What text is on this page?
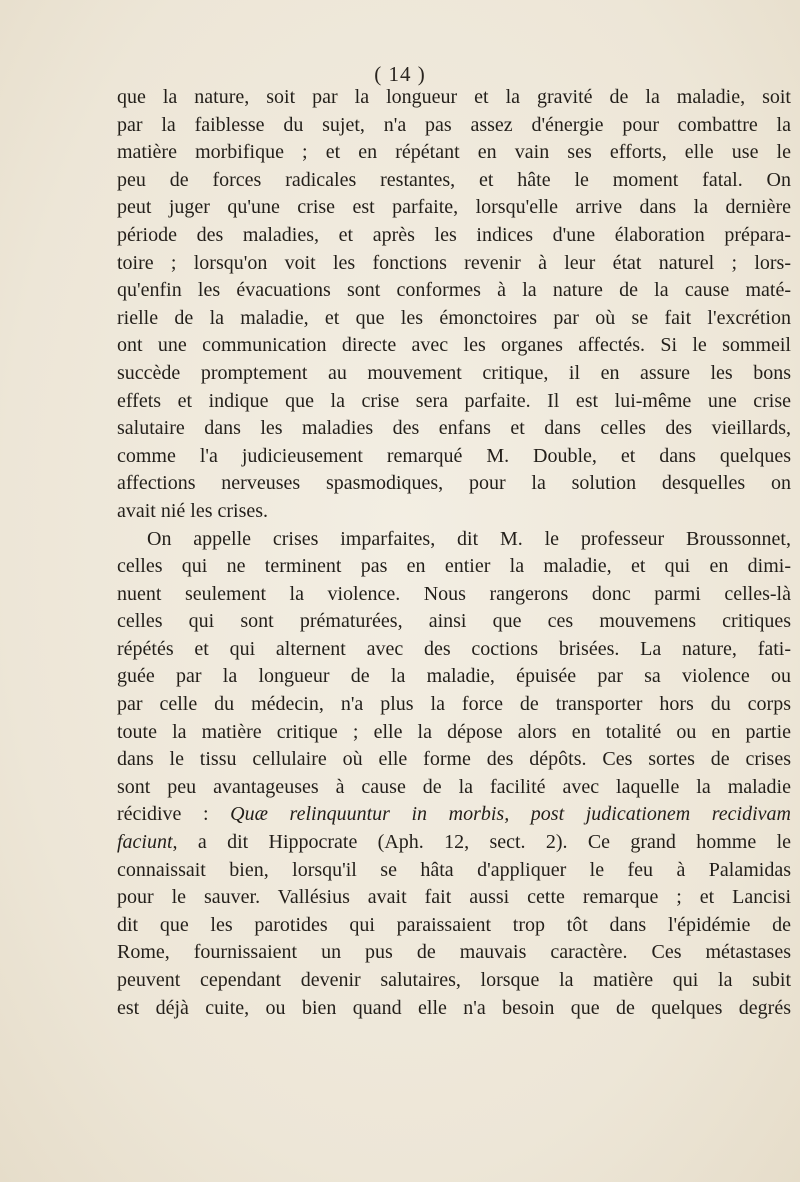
( 14 )
que la nature, soit par la longueur et la gravité de la maladie, soit
par la faiblesse du sujet, n'a pas assez d'énergie pour combattre la
matière morbifique ; et en répétant en vain ses efforts, elle use le
peu de forces radicales restantes, et hâte le moment fatal. On
peut juger qu'une crise est parfaite, lorsqu'elle arrive dans la dernière
période des maladies, et après les indices d'une élaboration prépara-
toire ; lorsqu'on voit les fonctions revenir à leur état naturel ; lors-
qu'enfin les évacuations sont conformes à la nature de la cause maté-
rielle de la maladie, et que les émonctoires par où se fait l'excrétion
ont une communication directe avec les organes affectés. Si le sommeil
succède promptement au mouvement critique, il en assure les bons
effets et indique que la crise sera parfaite. Il est lui-même une crise
salutaire dans les maladies des enfans et dans celles des vieillards,
comme l'a judicieusement remarqué M. Double, et dans quelques
affections nerveuses spasmodiques, pour la solution desquelles on
avait nié les crises.
On appelle crises imparfaites, dit M. le professeur Broussonnet,
celles qui ne terminent pas en entier la maladie, et qui en dimi-
nuent seulement la violence. Nous rangerons donc parmi celles-là
celles qui sont prématurées, ainsi que ces mouvemens critiques
répétés et qui alternent avec des coctions brisées. La nature, fati-
guée par la longueur de la maladie, épuisée par sa violence ou
par celle du médecin, n'a plus la force de transporter hors du corps
toute la matière critique ; elle la dépose alors en totalité ou en partie
dans le tissu cellulaire où elle forme des dépôts. Ces sortes de crises
sont peu avantageuses à cause de la facilité avec laquelle la maladie
récidive : Quæ relinquuntur in morbis, post judicationem recidivam
faciunt, a dit Hippocrate (Aph. 12, sect. 2). Ce grand homme le
connaissait bien, lorsqu'il se hâta d'appliquer le feu à Palamidas
pour le sauver. Vallésius avait fait aussi cette remarque ; et Lancisi
dit que les parotides qui paraissaient trop tôt dans l'épidémie de
Rome, fournissaient un pus de mauvais caractère. Ces métastases
peuvent cependant devenir salutaires, lorsque la matière qui la subit
est déjà cuite, ou bien quand elle n'a besoin que de quelques degrés
